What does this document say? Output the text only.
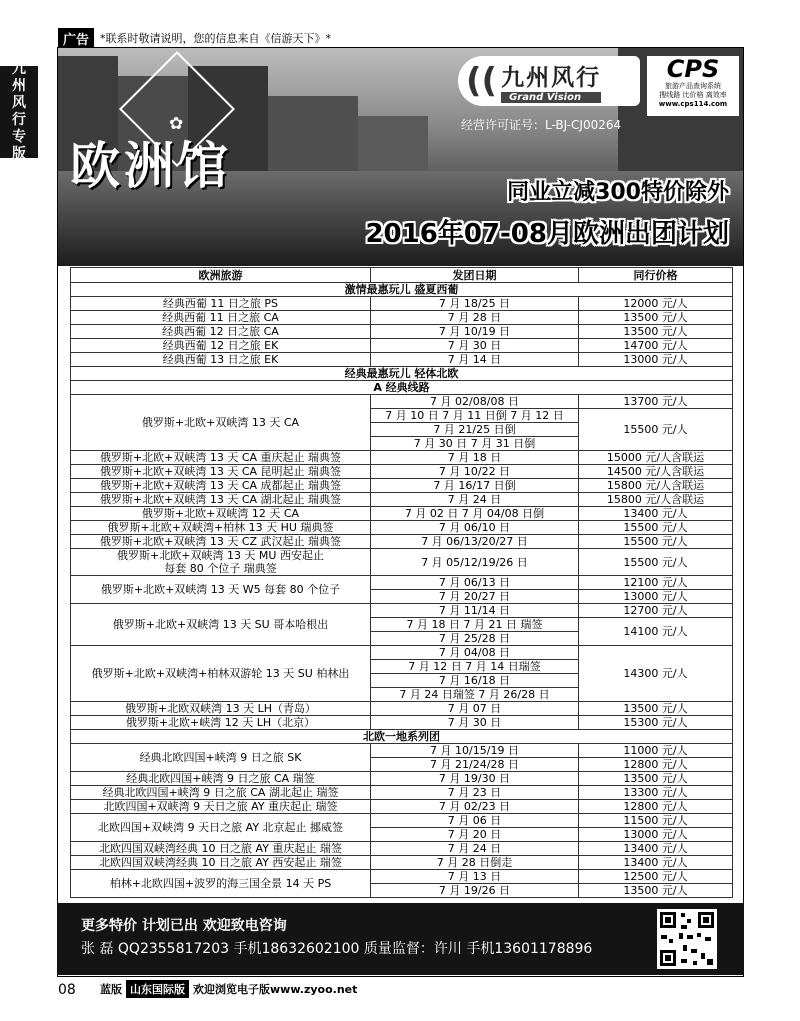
广告	*联系时敬请说明，您的信息来自《信游天下》*
九
州
风
行
专
版
✿
欧洲馆
(( 九州风行
Grand Vision
CPS
旅游产品查询系统
搜线路 比价格 离效率
www.cps114.com
经营许可证号：L-BJ-CJ00264
同业立减300特价除外
2016年07-08月欧洲出团计划
欧洲旅游	发团日期	同行价格
激情最惠玩儿 盛夏西葡		
经典西葡 11 日之旅 PS	7 月 18/25 日	12000 元/人
经典西葡 11 日之旅 CA	7 月 28 日	13500 元/人
经典西葡 12 日之旅 CA	7 月 10/19 日	13500 元/人
经典西葡 12 日之旅 EK	7 月 30 日	14700 元/人
经典西葡 13 日之旅 EK	7 月 14 日	13000 元/人
经典最惠玩儿 轻体北欧		
A 经典线路		
俄罗斯+北欧+双峡湾 13 天 CA	7 月 02/08/08 日	13700 元/人
	7 月 10 日 7 月 11 日倒 7 月 12 日	15500 元/人
	7 月 21/25 日倒	
	7 月 30 日 7 月 31 日倒	
俄罗斯+北欧+双峡湾 13 天 CA 重庆起止 瑞典签	7 月 18 日	15000 元/人含联运
俄罗斯+北欧+双峡湾 13 天 CA 昆明起止 瑞典签	7 月 10/22 日	14500 元/人含联运
俄罗斯+北欧+双峡湾 13 天 CA 成都起止 瑞典签	7 月 16/17 日倒	15800 元/人含联运
俄罗斯+北欧+双峡湾 13 天 CA 湖北起止 瑞典签	7 月 24 日	15800 元/人含联运
俄罗斯+北欧+双峡湾 12 天 CA	7 月 02 日 7 月 04/08 日倒	13400 元/人
俄罗斯+北欧+双峡湾+柏林 13 天 HU 瑞典签	7 月 06/10 日	15500 元/人
俄罗斯+北欧+双峡湾 13 天 CZ 武汉起止 瑞典签	7 月 06/13/20/27 日	15500 元/人
俄罗斯+北欧+双峡湾 13 天 MU 西安起止
每套 80 个位子 瑞典签	7 月 05/12/19/26 日	15500 元/人
俄罗斯+北欧+双峡湾 13 天 W5 每套 80 个位子	7 月 06/13 日	12100 元/人
	7 月 20/27 日	13000 元/人
俄罗斯+北欧+双峡湾 13 天 SU 哥本哈根出	7 月 11/14 日	12700 元/人
	7 月 18 日 7 月 21 日 瑞签	14100 元/人
	7 月 25/28 日	
俄罗斯+北欧+双峡湾+柏林双游轮 13 天 SU 柏林出	7 月 04/08 日	14300 元/人
	7 月 12 日 7 月 14 日瑞签	
	7 月 16/18 日	
	7 月 24 日瑞签 7 月 26/28 日	
俄罗斯+北欧双峡湾 13 天 LH（青岛）	7 月 07 日	13500 元/人
俄罗斯+北欧+峡湾 12 天 LH（北京）	7 月 30 日	15300 元/人
北欧一地系列团		
经典北欧四国+峡湾 9 日之旅 SK	7 月 10/15/19 日	11000 元/人
	7 月 21/24/28 日	12800 元/人
经典北欧四国+峡湾 9 日之旅 CA 瑞签	7 月 19/30 日	13500 元/人
经典北欧四国+峡湾 9 日之旅 CA 湖北起止 瑞签	7 月 23 日	13300 元/人
北欧四国+双峡湾 9 天日之旅 AY 重庆起止 瑞签	7 月 02/23 日	12800 元/人
北欧四国+双峡湾 9 天日之旅 AY 北京起止 挪威签	7 月 06 日	11500 元/人
	7 月 20 日	13000 元/人
北欧四国双峡湾经典 10 日之旅 AY 重庆起止 瑞签	7 月 24 日	13400 元/人
北欧四国双峡湾经典 10 日之旅 AY 西安起止 瑞签	7 月 28 日倒走	13400 元/人
柏林+北欧四国+波罗的海三国全景 14 天 PS	7 月 13 日	12500 元/人
	7 月 19/26 日	13500 元/人
更多特价 计划已出 欢迎致电咨询
张 磊 QQ2355817203 手机18632602100 质量监督：许川 手机13601178896
08 蓝版 山东国际版 欢迎浏览电子版www.zyoo.net
